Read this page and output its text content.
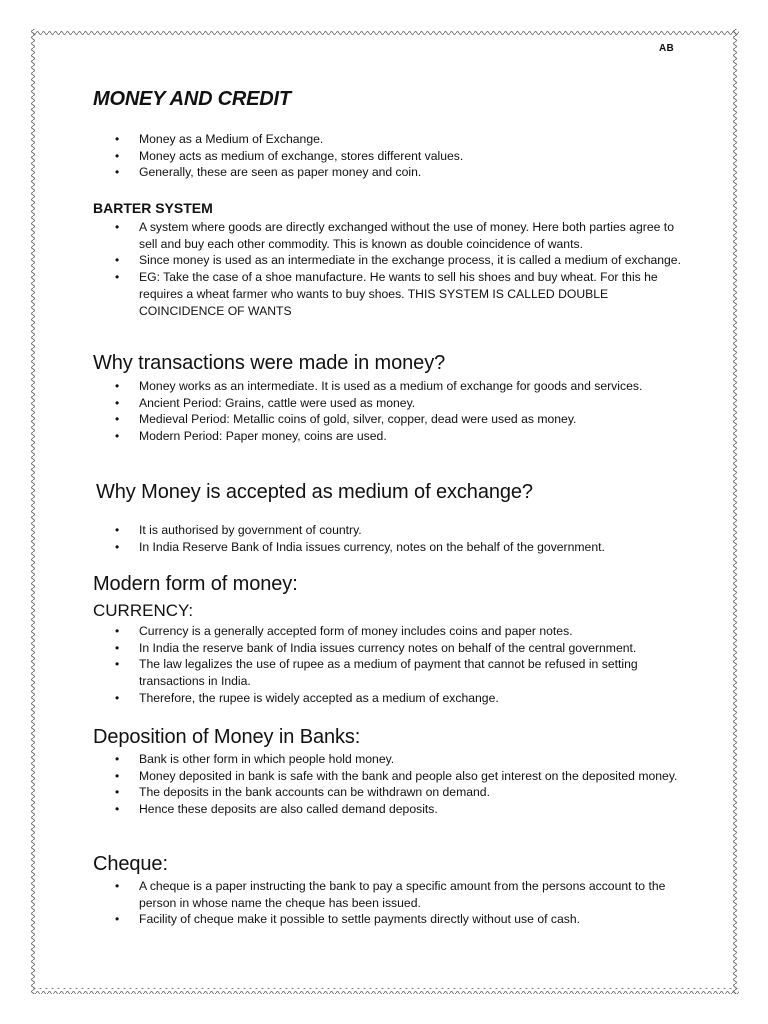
AB
MONEY AND CREDIT
• Money as a Medium of Exchange.
• Money acts as medium of exchange, stores different values.
• Generally, these are seen as paper money and coin.
BARTER SYSTEM
• A system where goods are directly exchanged without the use of money. Here both parties agree to sell and buy each other commodity. This is known as double coincidence of wants.
• Since money is used as an intermediate in the exchange process, it is called a medium of exchange.
• EG: Take the case of a shoe manufacture. He wants to sell his shoes and buy wheat. For this he requires a wheat farmer who wants to buy shoes. THIS SYSTEM IS CALLED DOUBLE COINCIDENCE OF WANTS
Why transactions were made in money?
• Money works as an intermediate. It is used as a medium of exchange for goods and services.
• Ancient Period: Grains, cattle were used as money.
• Medieval Period: Metallic coins of gold, silver, copper, dead were used as money.
• Modern Period: Paper money, coins are used.
Why Money is accepted as medium of exchange?
• It is authorised by government of country.
• In India Reserve Bank of India issues currency, notes on the behalf of the government.
Modern form of money:
CURRENCY:
• Currency is a generally accepted form of money includes coins and paper notes.
• In India the reserve bank of India issues currency notes on behalf of the central government.
• The law legalizes the use of rupee as a medium of payment that cannot be refused in setting transactions in India.
• Therefore, the rupee is widely accepted as a medium of exchange.
Deposition of Money in Banks:
• Bank is other form in which people hold money.
• Money deposited in bank is safe with the bank and people also get interest on the deposited money.
• The deposits in the bank accounts can be withdrawn on demand.
• Hence these deposits are also called demand deposits.
Cheque:
• A cheque is a paper instructing the bank to pay a specific amount from the persons account to the person in whose name the cheque has been issued.
• Facility of cheque make it possible to settle payments directly without use of cash.
